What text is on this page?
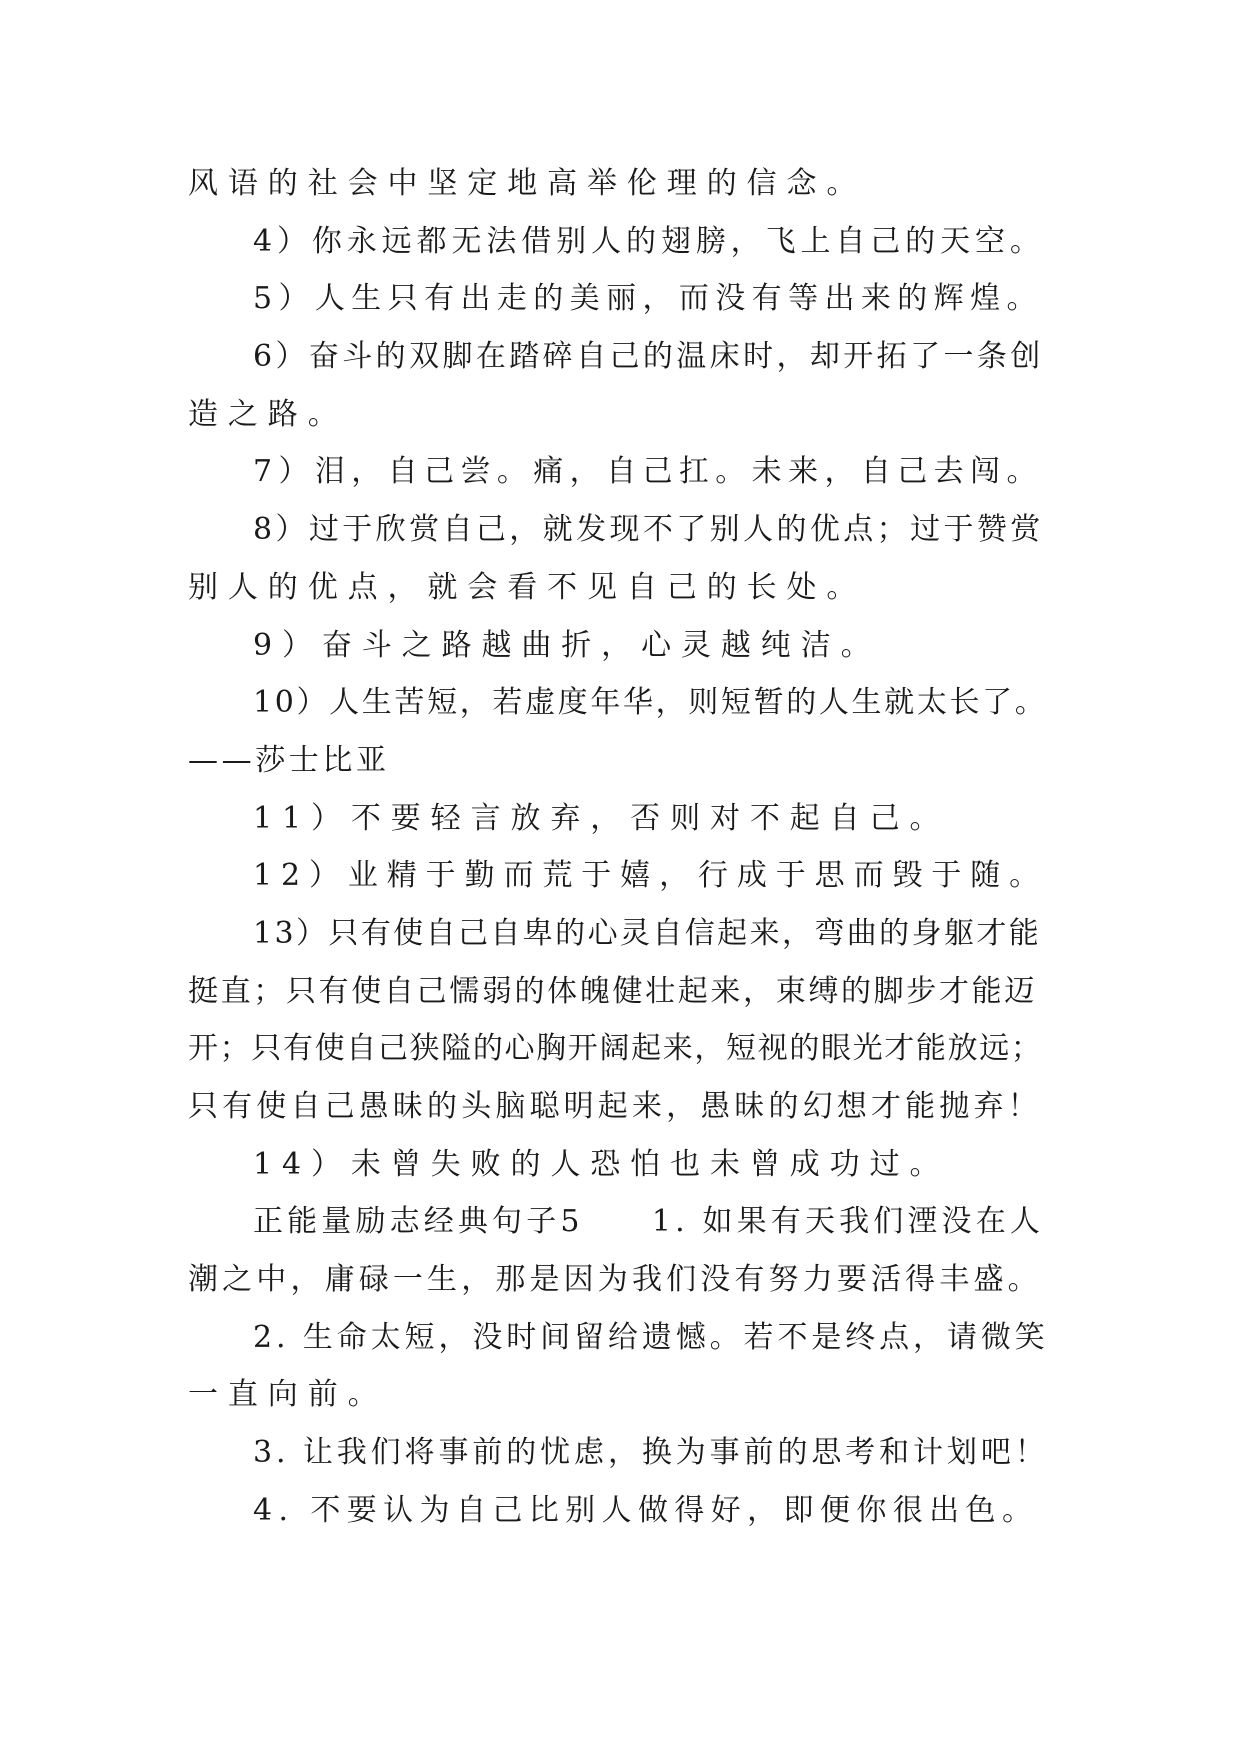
风语的社会中坚定地高举伦理的信念。
4）你永远都无法借别人的翅膀，飞上自己的天空。
5）人生只有出走的美丽，而没有等出来的辉煌。
6）奋斗的双脚在踏碎自己的温床时，却开拓了一条创
造之路。
7）泪，自己尝。痛，自己扛。未来，自己去闯。
8）过于欣赏自己，就发现不了别人的优点；过于赞赏
别人的优点，就会看不见自己的长处。
9）奋斗之路越曲折，心灵越纯洁。
10）人生苦短，若虚度年华，则短暂的人生就太长了。
——莎士比亚
11）不要轻言放弃，否则对不起自己。
12）业精于勤而荒于嬉，行成于思而毁于随。
13）只有使自己自卑的心灵自信起来，弯曲的身躯才能
挺直；只有使自己懦弱的体魄健壮起来，束缚的脚步才能迈
开；只有使自己狭隘的心胸开阔起来，短视的眼光才能放远；
只有使自己愚昧的头脑聪明起来，愚昧的幻想才能抛弃！
14）未曾失败的人恐怕也未曾成功过。
正能量励志经典句子5　　1. 如果有天我们湮没在人
潮之中，庸碌一生，那是因为我们没有努力要活得丰盛。
2. 生命太短，没时间留给遗憾。若不是终点，请微笑
一直向前。
3. 让我们将事前的忧虑，换为事前的思考和计划吧！
4. 不要认为自己比别人做得好，即便你很出色。
